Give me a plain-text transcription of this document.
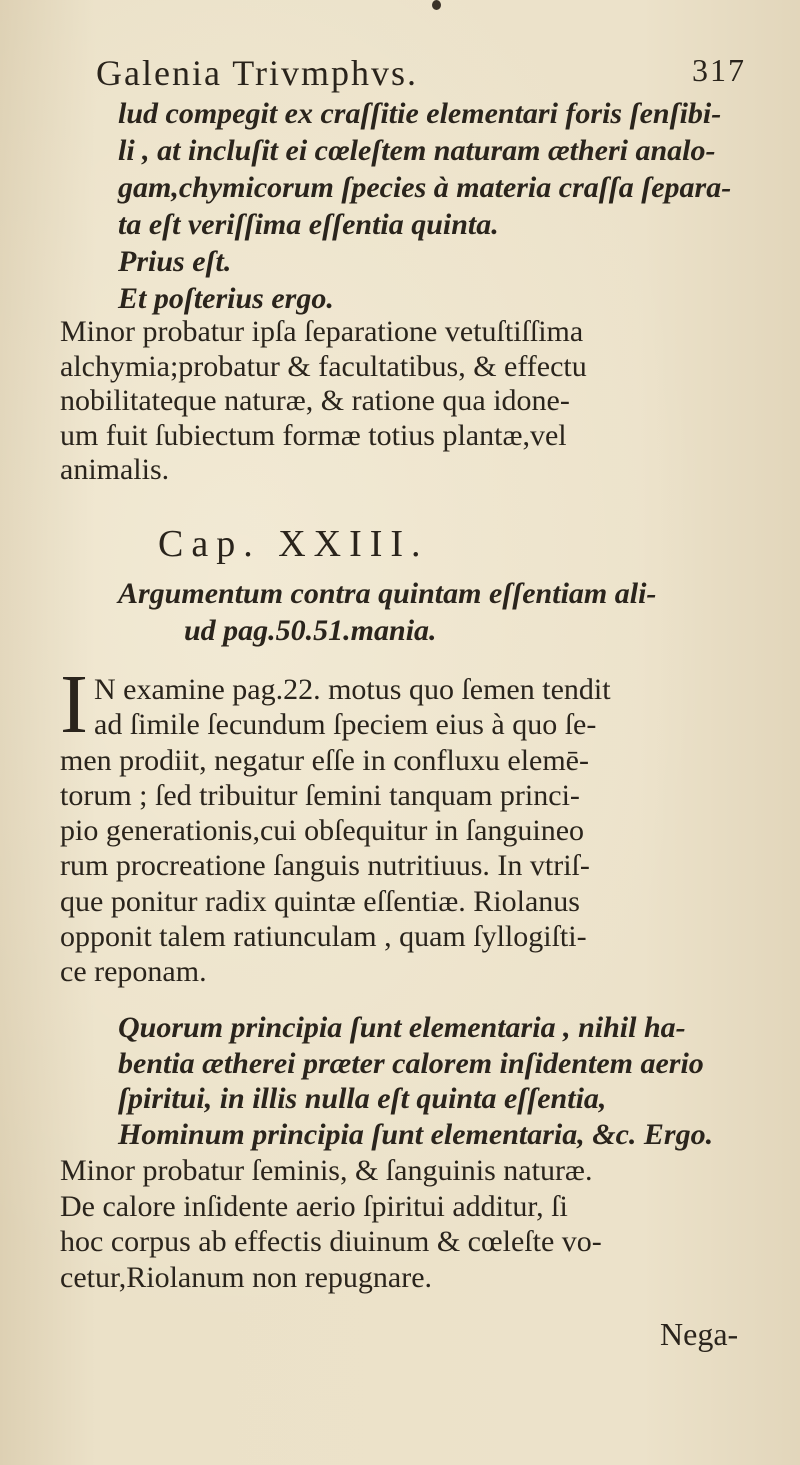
Galenia Trivmphvs.	317
lud compegit ex craſſitie elementari foris ſenſibi-
li , at incluſit ei cœleſtem naturam ætheri analo-
gam,chymicorum ſpecies à materia craſſa ſepara-
ta eſt veriſſima eſſentia quinta.
Prius eſt.
Et poſterius ergo.
Minor probatur ipſa ſeparatione vetuſtiſſima
alchymia;probatur & facultatibus, & effectu
nobilitateque naturæ, & ratione qua idone-
um fuit ſubiectum formæ totius plantæ,vel
animalis.
Cap. XXIII.
Argumentum contra quintam eſſentiam ali-
ud pag.50.51.mania.
I N examine pag.22. motus quo ſemen tendit
ad ſimile ſecundum ſpeciem eius à quo ſe-
men prodiit, negatur eſſe in confluxu elemē-
torum ; ſed tribuitur ſemini tanquam princi-
pio generationis,cui obſequitur in ſanguineo
rum procreatione ſanguis nutritiuus. In vtriſ-
que ponitur radix quintæ eſſentiæ. Riolanus
opponit talem ratiunculam , quam ſyllogiſti-
ce reponam.
Quorum principia ſunt elementaria , nihil ha-
bentia ætherei præter calorem inſidentem aerio
ſpiritui, in illis nulla eſt quinta eſſentia,
Hominum principia ſunt elementaria, &c. Ergo.
Minor probatur ſeminis, & ſanguinis naturæ.
De calore inſidente aerio ſpiritui additur, ſi
hoc corpus ab effectis diuinum & cœleſte vo-
cetur,Riolanum non repugnare.
Nega-
